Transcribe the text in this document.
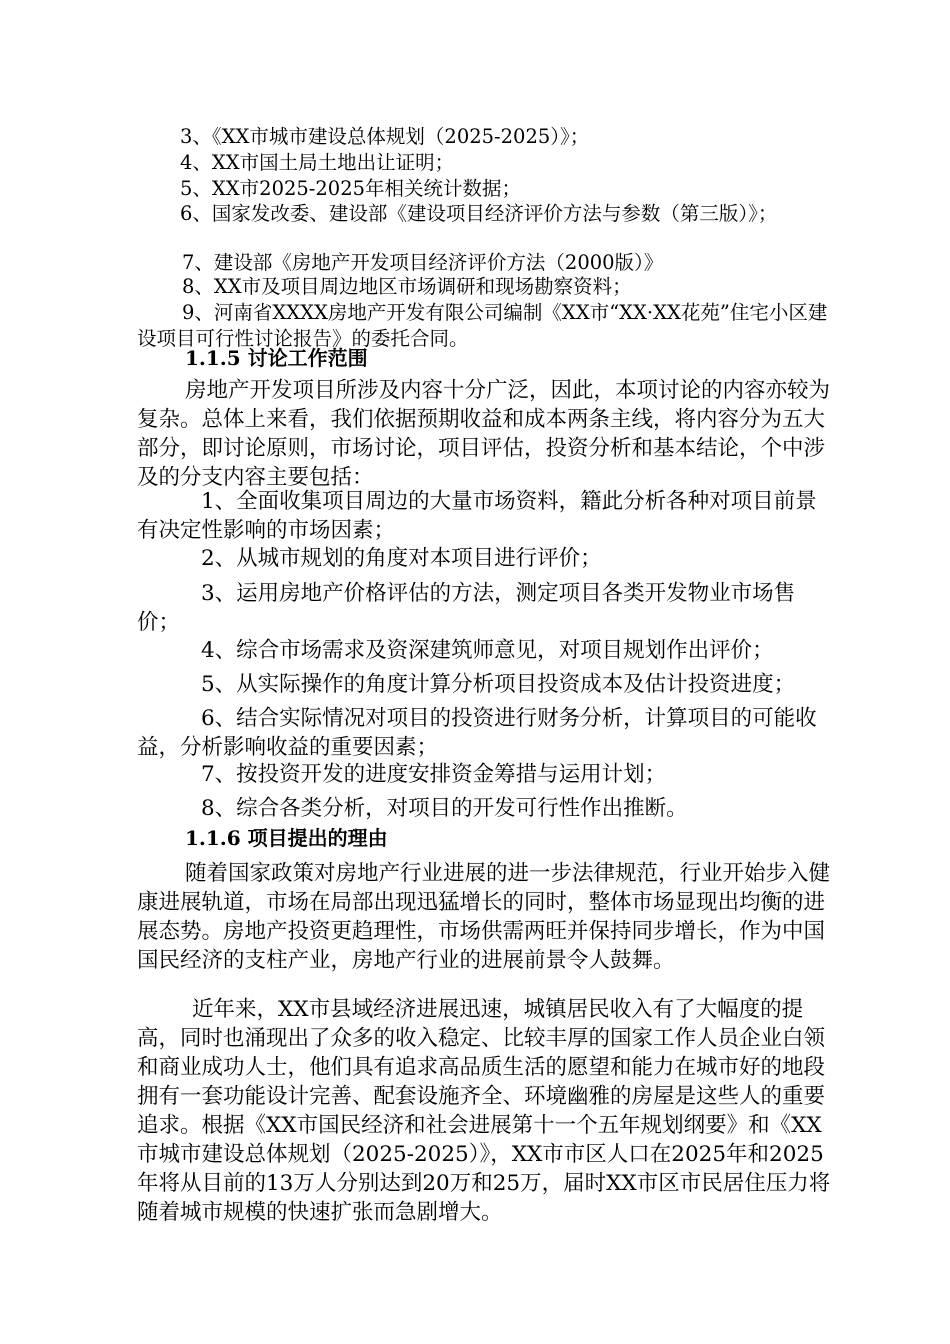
3、《XX市城市建设总体规划（2025-2025）》；

4、XX市国土局土地出让证明；

5、XX市2025-2025年相关统计数据；

6、国家发改委、建设部《建设项目经济评价方法与参数（第三版）》；

7、建设部《房地产开发项目经济评价方法（2000版）》

8、XX市及项目周边地区市场调研和现场勘察资料；

9、河南省XXXX房地产开发有限公司编制《XX市“XX·XX花苑”住宅小区建设项目可行性讨论报告》的委托合同。

1.1.5 讨论工作范围

房地产开发项目所涉及内容十分广泛，因此，本项讨论的内容亦较为复杂。总体上来看，我们依据预期收益和成本两条主线，将内容分为五大部分，即讨论原则，市场讨论，项目评估，投资分析和基本结论，个中涉及的分支内容主要包括：

1、全面收集项目周边的大量市场资料，籍此分析各种对项目前景有决定性影响的市场因素；

2、从城市规划的角度对本项目进行评价；

3、运用房地产价格评估的方法，测定项目各类开发物业市场售价；

4、综合市场需求及资深建筑师意见，对项目规划作出评价；

5、从实际操作的角度计算分析项目投资成本及估计投资进度；

6、结合实际情况对项目的投资进行财务分析，计算项目的可能收益，分析影响收益的重要因素；

7、按投资开发的进度安排资金筹措与运用计划；

8、综合各类分析，对项目的开发可行性作出推断。

1.1.6 项目提出的理由

随着国家政策对房地产行业进展的进一步法律规范，行业开始步入健康进展轨道，市场在局部出现迅猛增长的同时，整体市场显现出均衡的进展态势。房地产投资更趋理性，市场供需两旺并保持同步增长，作为中国国民经济的支柱产业，房地产行业的进展前景令人鼓舞。

近年来，XX市县域经济进展迅速，城镇居民收入有了大幅度的提高，同时也涌现出了众多的收入稳定、比较丰厚的国家工作人员企业白领和商业成功人士，他们具有追求高品质生活的愿望和能力在城市好的地段拥有一套功能设计完善、配套设施齐全、环境幽雅的房屋是这些人的重要追求。根据《XX市国民经济和社会进展第十一个五年规划纲要》和《XX市城市建设总体规划（2025-2025）》，XX市市区人口在2025年和2025年将从目前的13万人分别达到20万和25万，届时XX市区市民居住压力将随着城市规模的快速扩张而急剧增大。
